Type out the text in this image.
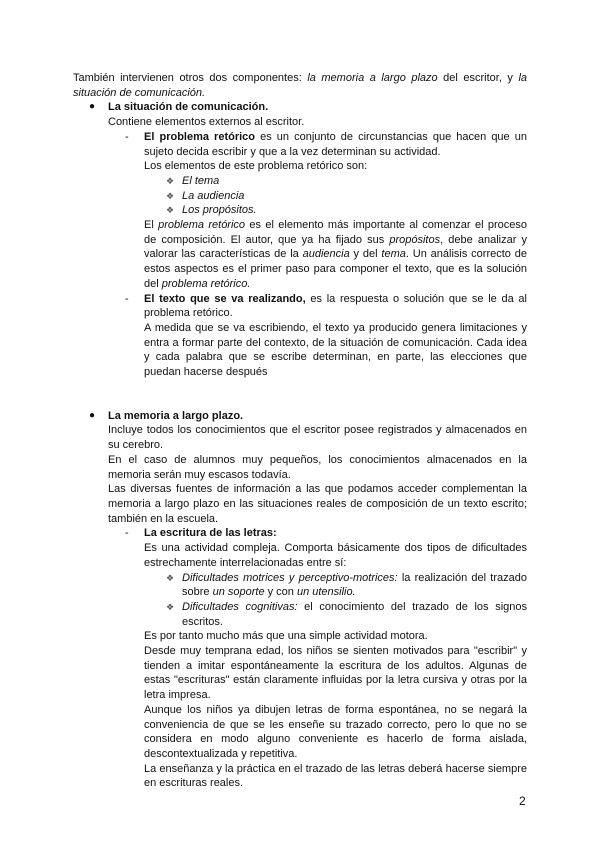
También intervienen otros dos componentes: la memoria a largo plazo del escritor, y la situación de comunicación.
● La situación de comunicación.
Contiene elementos externos al escritor.
- El problema retórico es un conjunto de circunstancias que hacen que un sujeto decida escribir y que a la vez determinan su actividad.
Los elementos de este problema retórico son:
❖ El tema
❖ La audiencia
❖ Los propósitos.
El problema retórico es el elemento más importante al comenzar el proceso de composición. El autor, que ya ha fijado sus propósitos, debe analizar y valorar las características de la audiencia y del tema. Un análisis correcto de estos aspectos es el primer paso para componer el texto, que es la solución del problema retórico.
- El texto que se va realizando, es la respuesta o solución que se le da al problema retórico.
A medida que se va escribiendo, el texto ya producido genera limitaciones y entra a formar parte del contexto, de la situación de comunicación. Cada idea y cada palabra que se escribe determinan, en parte, las elecciones que puedan hacerse después
● La memoria a largo plazo.
Incluye todos los conocimientos que el escritor posee registrados y almacenados en su cerebro.
En el caso de alumnos muy pequeños, los conocimientos almacenados en la memoria serán muy escasos todavía.
Las diversas fuentes de información a las que podamos acceder complementan la memoria a largo plazo en las situaciones reales de composición de un texto escrito; también en la escuela.
- La escritura de las letras:
Es una actividad compleja. Comporta básicamente dos tipos de dificultades estrechamente interrelacionadas entre sí:
❖ Dificultades motrices y perceptivo-motrices: la realización del trazado sobre un soporte y con un utensilio.
❖ Dificultades cognitivas: el conocimiento del trazado de los signos escritos.
Es por tanto mucho más que una simple actividad motora.
Desde muy temprana edad, los niños se sienten motivados para "escribir" y tienden a imitar espontáneamente la escritura de los adultos. Algunas de estas "escrituras" están claramente influidas por la letra cursiva y otras por la letra impresa.
Aunque los niños ya dibujen letras de forma espontánea, no se negará la conveniencia de que se les enseñe su trazado correcto, pero lo que no se considera en modo alguno conveniente es hacerlo de forma aislada, descontextualizada y repetitiva.
La enseñanza y la práctica en el trazado de las letras deberá hacerse siempre en escrituras reales.
2
